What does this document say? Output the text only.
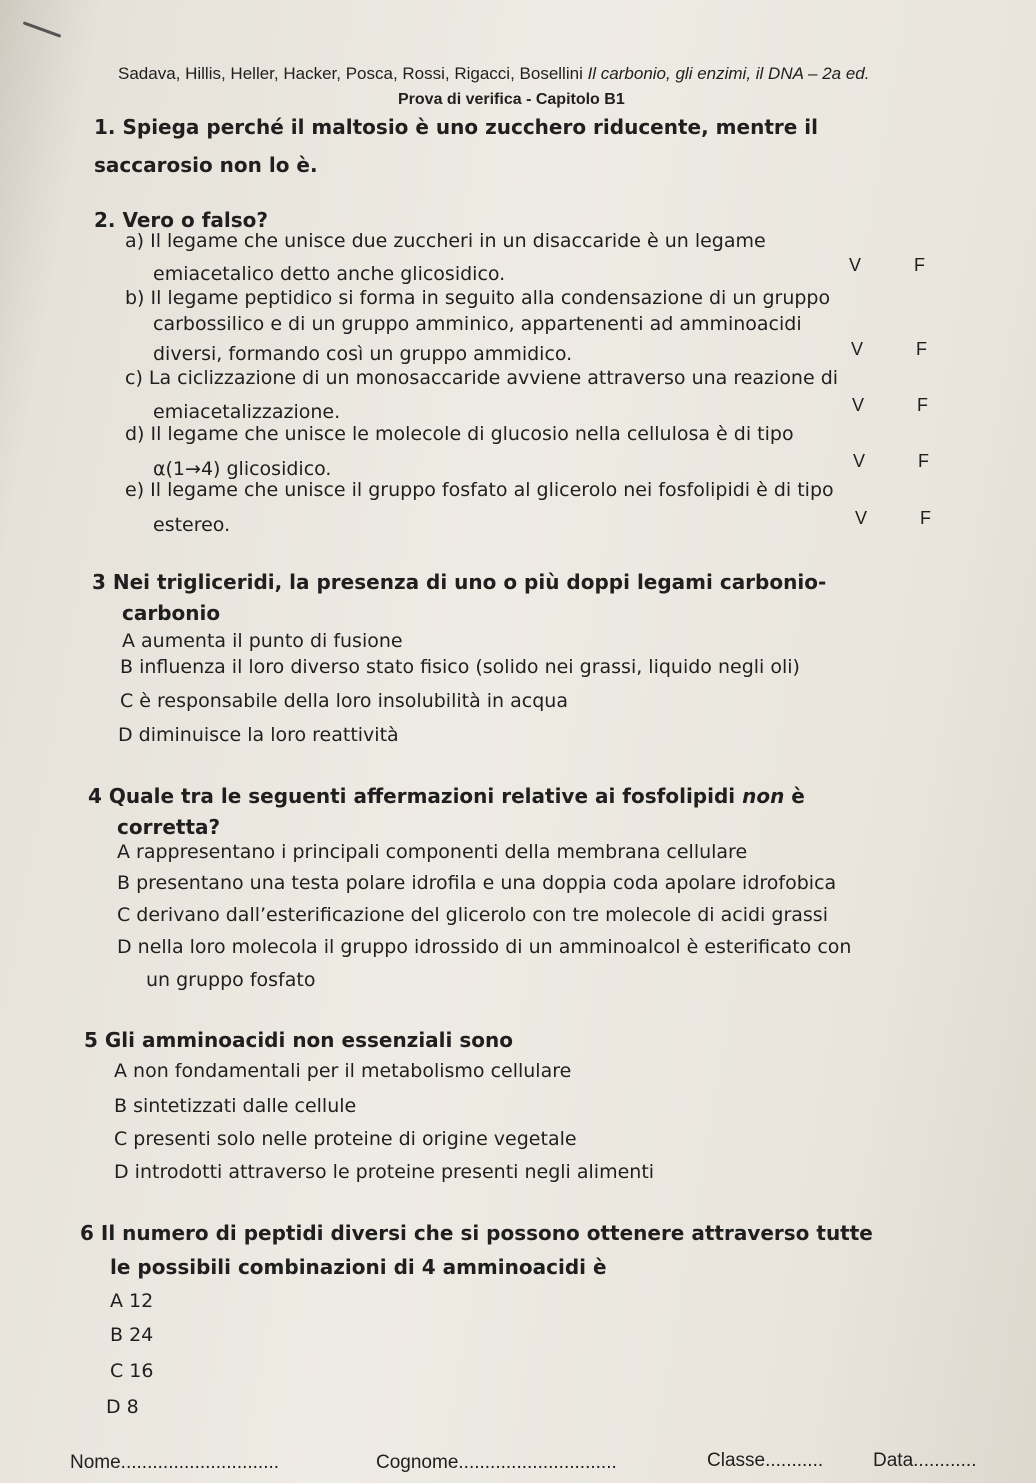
Sadava, Hillis, Heller, Hacker, Posca, Rossi, Rigacci, Bosellini Il carbonio, gli enzimi, il DNA – 2a ed.
Prova di verifica - Capitolo B1
1. Spiega perché il maltosio è uno zucchero riducente, mentre il
saccarosio non lo è.
2. Vero o falso?
a) Il legame che unisce due zuccheri in un disaccaride è un legame
emiacetalico detto anche glicosidico.	V	F
b) Il legame peptidico si forma in seguito alla condensazione di un gruppo
carbossilico e di un gruppo amminico, appartenenti ad amminoacidi
diversi, formando così un gruppo ammidico.	V	F
c) La ciclizzazione di un monosaccaride avviene attraverso una reazione di
emiacetalizzazione.	V	F
d) Il legame che unisce le molecole di glucosio nella cellulosa è di tipo
α(1→4) glicosidico.	V	F
e) Il legame che unisce il gruppo fosfato al glicerolo nei fosfolipidi è di tipo
estereo.	V	F
3 Nei trigliceridi, la presenza di uno o più doppi legami carbonio-
carbonio
A aumenta il punto di fusione
B influenza il loro diverso stato fisico (solido nei grassi, liquido negli oli)
C è responsabile della loro insolubilità in acqua
D diminuisce la loro reattività
4 Quale tra le seguenti affermazioni relative ai fosfolipidi non è
corretta?
A rappresentano i principali componenti della membrana cellulare
B presentano una testa polare idrofila e una doppia coda apolare idrofobica
C derivano dall’esterificazione del glicerolo con tre molecole di acidi grassi
D nella loro molecola il gruppo idrossido di un amminoalcol è esterificato con
un gruppo fosfato
5 Gli amminoacidi non essenziali sono
A non fondamentali per il metabolismo cellulare
B sintetizzati dalle cellule
C presenti solo nelle proteine di origine vegetale
D introdotti attraverso le proteine presenti negli alimenti
6 Il numero di peptidi diversi che si possono ottenere attraverso tutte
le possibili combinazioni di 4 amminoacidi è
A 12
B 24
C 16
D 8
Nome..............................	Cognome..............................	Classe...........	Data............
